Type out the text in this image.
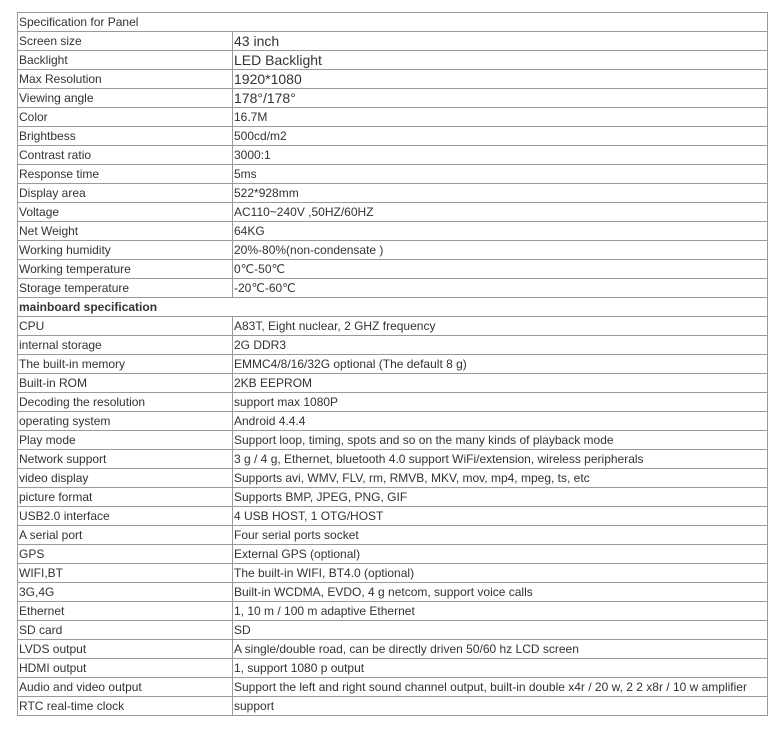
Specification for Panel	
Screen size	43 inch
Backlight	LED Backlight
Max Resolution	1920*1080
Viewing angle	178°/178°
Color	16.7M
Brightbess	500cd/m2
Contrast ratio	3000:1
Response time	5ms
Display area	522*928mm
Voltage	AC110~240V ,50HZ/60HZ
Net Weight	64KG
Working humidity	20%-80%(non-condensate )
Working temperature	0℃-50℃
Storage temperature	-20℃-60℃
mainboard specification	
CPU	A83T, Eight nuclear, 2 GHZ frequency
internal storage	2G DDR3
The built-in memory	EMMC4/8/16/32G optional (The default 8 g)
Built-in ROM	2KB EEPROM
Decoding the resolution	support max 1080P
operating system	Android 4.4.4
Play mode	Support loop, timing, spots and so on the many kinds of playback mode
Network support	3 g / 4 g, Ethernet, bluetooth 4.0 support WiFi/extension, wireless peripherals
video display	Supports avi, WMV, FLV, rm, RMVB, MKV, mov, mp4, mpeg, ts, etc
picture format	Supports BMP, JPEG, PNG, GIF
USB2.0 interface	4 USB HOST, 1 OTG/HOST
A serial port	Four serial ports socket
GPS	External GPS (optional)
WIFI,BT	The built-in WIFI, BT4.0 (optional)
3G,4G	Built-in WCDMA, EVDO, 4 g netcom, support voice calls
Ethernet	1, 10 m / 100 m adaptive Ethernet
SD card	SD
LVDS output	A single/double road, can be directly driven 50/60 hz LCD screen
HDMI output	1, support 1080 p output
Audio and video output	Support the left and right sound channel output, built-in double x4r / 20 w, 2 2 x8r / 10 w amplifier
RTC real-time clock	support
